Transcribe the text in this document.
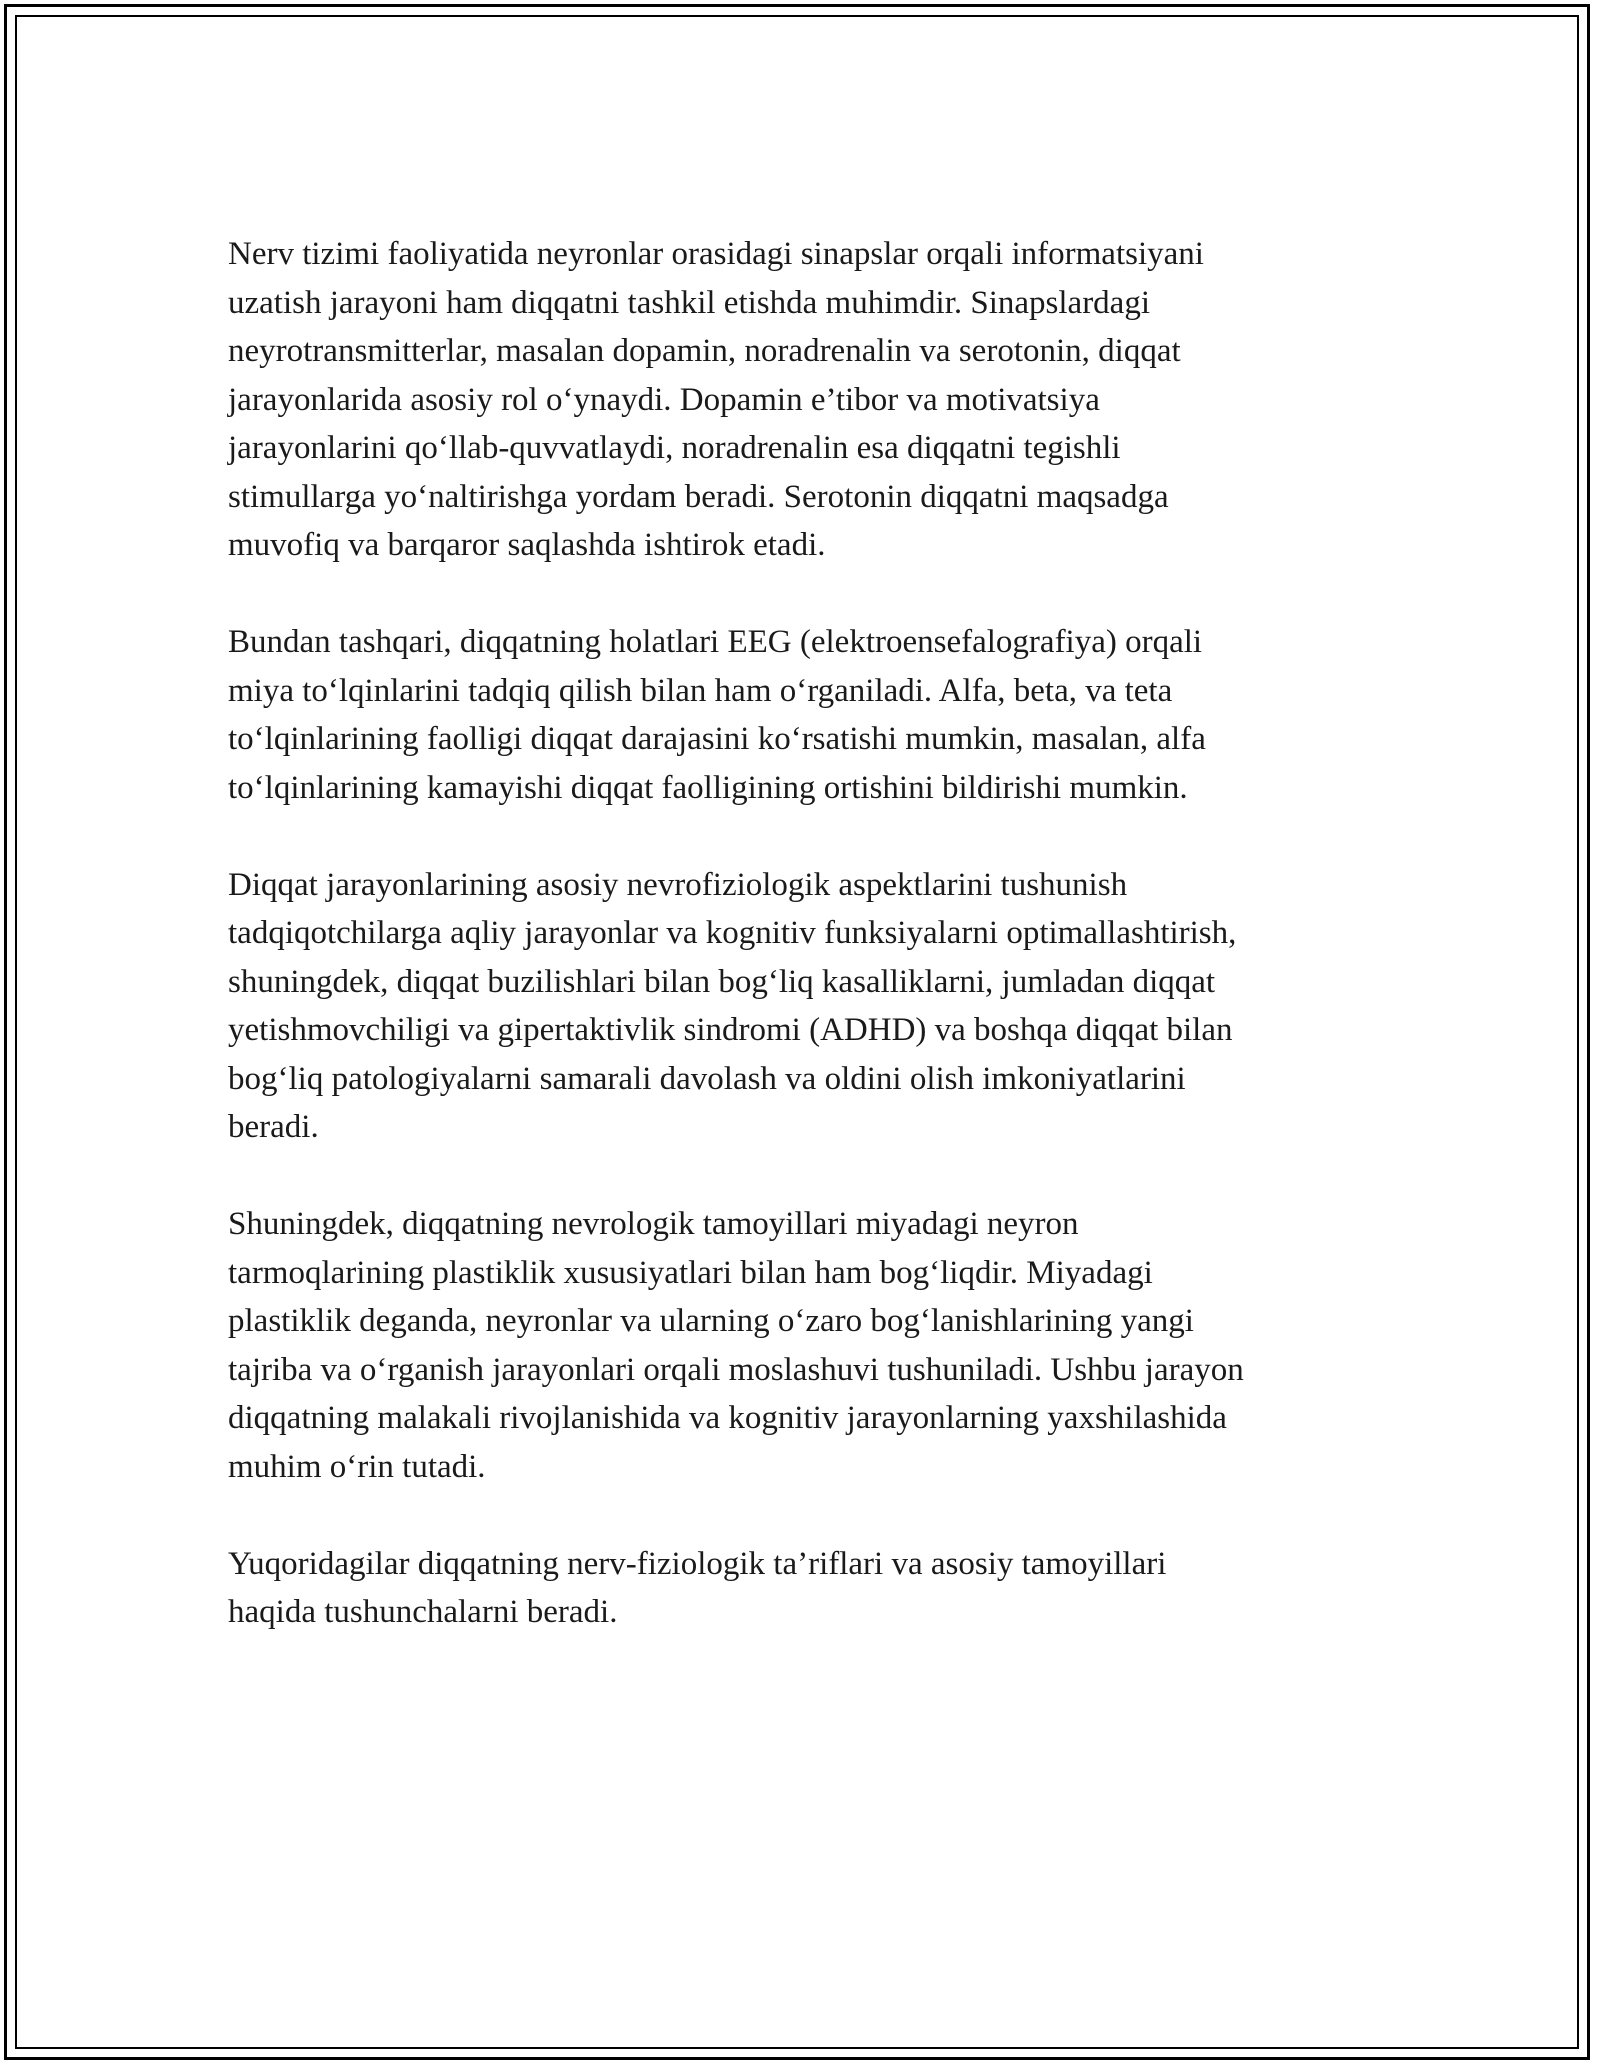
Nerv tizimi faoliyatida neyronlar orasidagi sinapslar orqali informatsiyani
uzatish jarayoni ham diqqatni tashkil etishda muhimdir. Sinapslardagi
neyrotransmitterlar, masalan dopamin, noradrenalin va serotonin, diqqat
jarayonlarida asosiy rol o‘ynaydi. Dopamin e’tibor va motivatsiya
jarayonlarini qo‘llab-quvvatlaydi, noradrenalin esa diqqatni tegishli
stimullarga yo‘naltirishga yordam beradi. Serotonin diqqatni maqsadga
muvofiq va barqaror saqlashda ishtirok etadi.

Bundan tashqari, diqqatning holatlari EEG (elektroensefalografiya) orqali
miya to‘lqinlarini tadqiq qilish bilan ham o‘rganiladi. Alfa, beta, va teta
to‘lqinlarining faolligi diqqat darajasini ko‘rsatishi mumkin, masalan, alfa
to‘lqinlarining kamayishi diqqat faolligining ortishini bildirishi mumkin.

Diqqat jarayonlarining asosiy nevrofiziologik aspektlarini tushunish
tadqiqotchilarga aqliy jarayonlar va kognitiv funksiyalarni optimallashtirish,
shuningdek, diqqat buzilishlari bilan bog‘liq kasalliklarni, jumladan diqqat
yetishmovchiligi va gipertaktivlik sindromi (ADHD) va boshqa diqqat bilan
bog‘liq patologiyalarni samarali davolash va oldini olish imkoniyatlarini
beradi.

Shuningdek, diqqatning nevrologik tamoyillari miyadagi neyron
tarmoqlarining plastiklik xususiyatlari bilan ham bog‘liqdir. Miyadagi
plastiklik deganda, neyronlar va ularning o‘zaro bog‘lanishlarining yangi
tajriba va o‘rganish jarayonlari orqali moslashuvi tushuniladi. Ushbu jarayon
diqqatning malakali rivojlanishida va kognitiv jarayonlarning yaxshilashida
muhim o‘rin tutadi.

Yuqoridagilar diqqatning nerv-fiziologik ta’riflari va asosiy tamoyillari
haqida tushunchalarni beradi.
